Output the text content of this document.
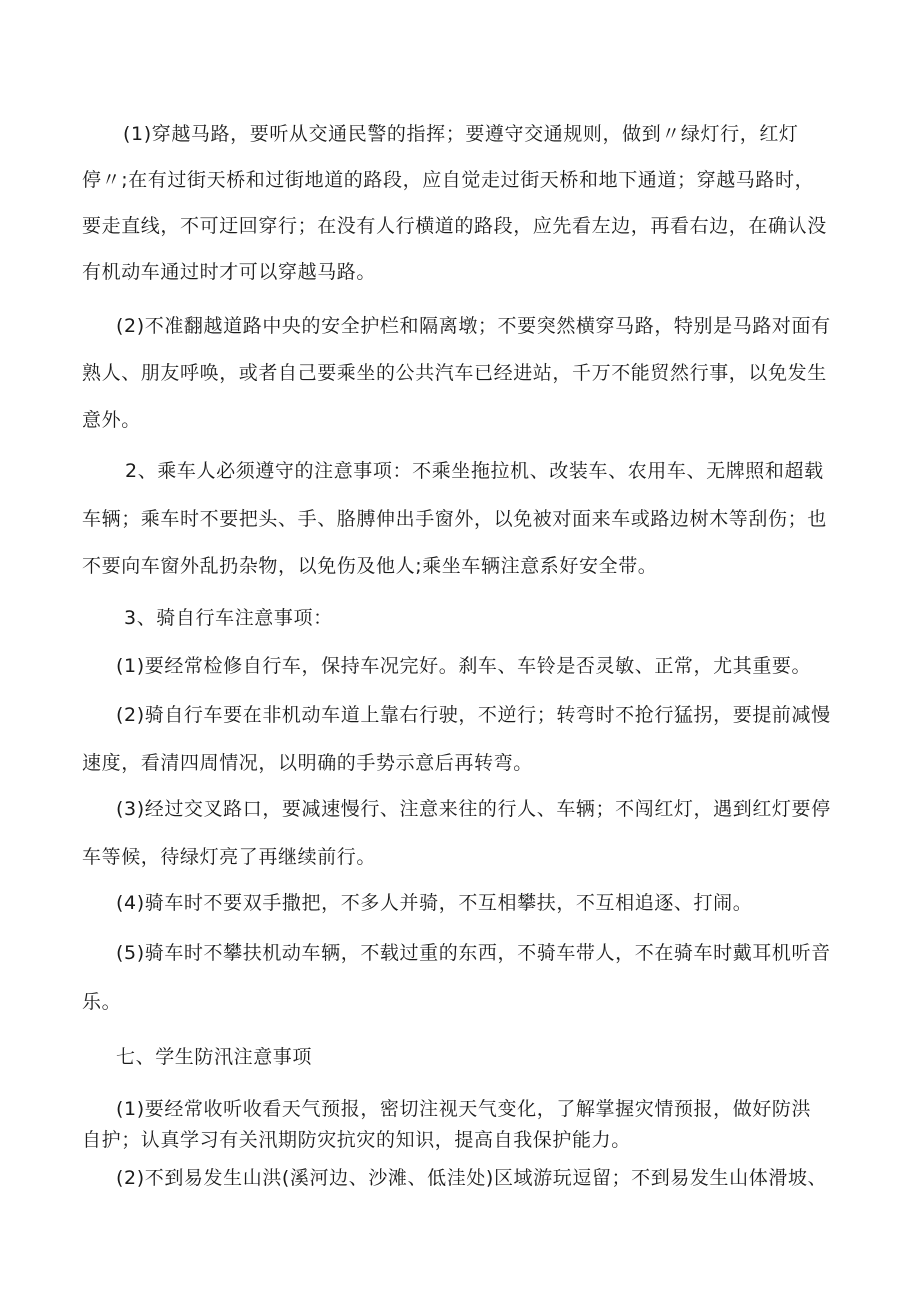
(1)穿越马路，要听从交通民警的指挥；要遵守交通规则，做到〃绿灯行，红灯
停〃;在有过街天桥和过街地道的路段，应自觉走过街天桥和地下通道；穿越马路时，
要走直线，不可迂回穿行；在没有人行横道的路段，应先看左边，再看右边，在确认没
有机动车通过时才可以穿越马路。
(2)不准翻越道路中央的安全护栏和隔离墩；不要突然横穿马路，特别是马路对面有
熟人、朋友呼唤，或者自己要乘坐的公共汽车已经进站，千万不能贸然行事，以免发生
意外。
2、乘车人必须遵守的注意事项：不乘坐拖拉机、改装车、农用车、无牌照和超载
车辆；乘车时不要把头、手、胳膊伸出手窗外，以免被对面来车或路边树木等刮伤；也
不要向车窗外乱扔杂物，以免伤及他人;乘坐车辆注意系好安全带。
3、骑自行车注意事项：
(1)要经常检修自行车，保持车况完好。刹车、车铃是否灵敏、正常，尤其重要。
(2)骑自行车要在非机动车道上靠右行驶，不逆行；转弯时不抢行猛拐，要提前减慢
速度，看清四周情况，以明确的手势示意后再转弯。
(3)经过交叉路口，要减速慢行、注意来往的行人、车辆；不闯红灯，遇到红灯要停
车等候，待绿灯亮了再继续前行。
(4)骑车时不要双手撒把，不多人并骑，不互相攀扶，不互相追逐、打闹。
(5)骑车时不攀扶机动车辆，不载过重的东西，不骑车带人，不在骑车时戴耳机听音
乐。
七、学生防汛注意事项
(1)要经常收听收看天气预报，密切注视天气变化，了解掌握灾情预报，做好防洪
自护；认真学习有关汛期防灾抗灾的知识，提高自我保护能力。
(2)不到易发生山洪(溪河边、沙滩、低洼处)区域游玩逗留；不到易发生山体滑坡、
